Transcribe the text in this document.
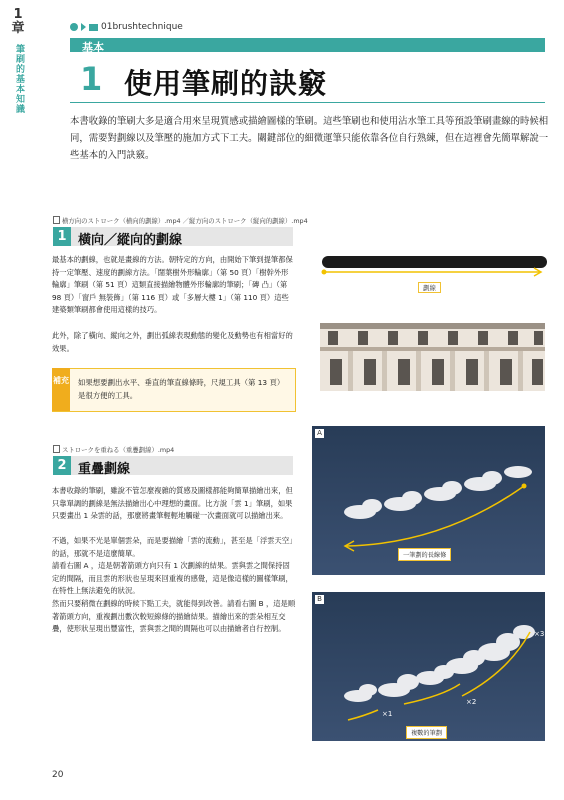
1
章
筆刷的基本知識
01brushtechnique
基本
1 使用筆刷的訣竅
本書收錄的筆刷大多是適合用來呈現質感或描繪圖樣的筆刷。這些筆刷也和使用沾水筆工具等預設筆刷畫線的時候相同，需要對劃線以及筆壓的施加方式下工夫。關鍵部位的細微運筆只能依靠各位自行熟練，但在這裡會先簡單解說一些基本的入門訣竅。
横方向のストローク（横向的劃線）.mp4 ／縦方向のストローク（縦向的劃線）.mp4
1 橫向／縱向的劃線
最基本的劃線，也就是畫線的方法。朝特定的方向，由開始下筆到提筆都保持一定筆壓、速度的劃線方法。「闊葉樹外形輪廓」（第 50 頁）「樹幹外形輪廓」筆刷（第 51 頁）這類直接描繪物體外形輪廓的筆刷；「磚 凸」（第 98 頁）「窗戶 無裝飾」（第 116 頁）或「多層大樓 1」（第 110 頁）這些建築類筆刷都會使用這樣的技巧。
此外，除了橫向、縱向之外，劃出弧線表現動態的變化及動勢也有相當好的效果。
補充 如果想要劃出水平、垂直的筆直線條時，尺規工具（第 13 頁）是很方便的工具。
ストロークを重ねる（重疊劃線）.mp4
2 重疊劃線
本書收錄的筆刷，雖說不管怎麼複雜的質感及圖樣都能夠簡單描繪出來，但只靠單調的劃線是無法描繪出心中理想的畫面。比方說「雲 1」筆刷，如果只要畫出 1 朵雲的話，那麼將畫筆輕輕地觸碰一次畫面就可以描繪出來。
不過，如果不光是單個雲朵，而是要描繪「雲的流動」，甚至是「浮雲天空」的話，那就不是這麼簡單。
請看右圖 A ，這是朝著箭頭方向只有 1 次劃線的結果。雲與雲之間保持固定的間隔，而且雲的形狀也呈現來回重複的感覺，這是像這樣的圖樣筆刷，在特性上無法避免的狀況。
然而只要稍微在劃線的時候下點工夫，就能得到改善。請看右圖 B ，這是順著箭頭方向，重複劃出數次較短線條的描繪結果。描繪出來的雲朵相互交疊，使形狀呈現出豐富性，雲與雲之間的間隔也可以由描繪者自行控制。
劃線
A
一筆劃的長線條
B
×1
×2
×3
複數的筆劃
20
